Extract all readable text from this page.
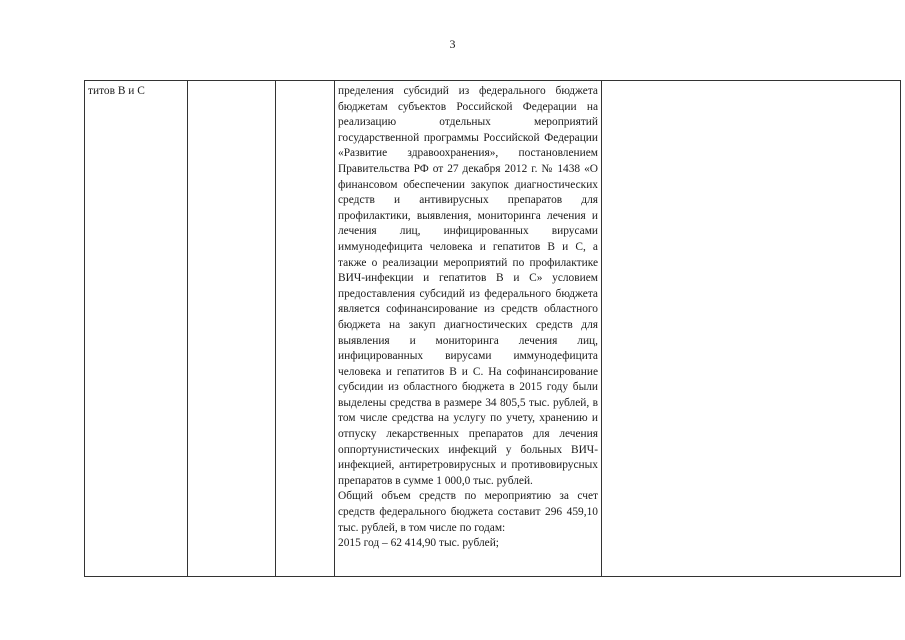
3
титов В и С			пределения субсидий из федерального бюджета бюджетам субъектов Российской Федерации на реализацию отдельных мероприятий государственной программы Российской Федерации «Развитие здравоохранения», постановлением Правительства РФ от 27 декабря 2012 г. № 1438 «О финансовом обеспечении закупок диагностических средств и антивирусных препаратов для профилактики, выявления, мониторинга лечения и лечения лиц, инфицированных вирусами иммунодефицита человека и гепатитов В и С, а также о реализации мероприятий по профилактике ВИЧ-инфекции и гепатитов В и С» условием предоставления субсидий из федерального бюджета является софинансирование из средств областного бюджета на закуп диагностических средств для выявления и мониторинга лечения лиц, инфицированных вирусами иммунодефицита человека и гепатитов В и С. На софинансирование субсидии из областного бюджета в 2015 году были выделены средства в размере 34 805,5 тыс. рублей, в том числе средства на услугу по учету, хранению и отпуску лекарственных препаратов для лечения оппортунистических инфекций у больных ВИЧ-инфекцией, антиретровирусных и противовирусных препаратов в сумме 1 000,0 тыс. рублей.

Общий объем средств по мероприятию за счет средств федерального бюджета составит 296 459,10 тыс. рублей, в том числе по годам:

2015 год – 62 414,90 тыс. рублей;
